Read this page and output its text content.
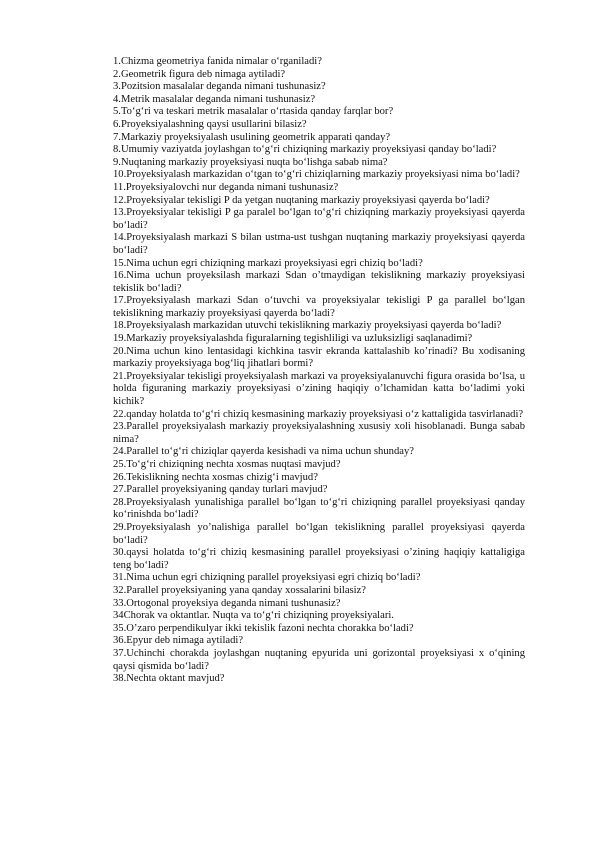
1.Chizma geometriya fanida nimalar o‘rganiladi?

2.Geometrik figura deb nimaga aytiladi?

3.Pozitsion masalalar deganda nimani tushunasiz?

4.Metrik masalalar deganda nimani tushunasiz?

5.To‘g‘ri va teskari metrik masalalar o‘rtasida qanday farqlar bor?

6.Proyeksiyalashning qaysi usullarini bilasiz?

7.Markaziy proyeksiyalash usulining geometrik apparati qanday?

8.Umumiy vaziyatda joylashgan to‘g‘ri chiziqning markaziy proyeksiyasi qanday bo‘ladi?

9.Nuqtaning markaziy proyeksiyasi nuqta bo‘lishga sabab nima?

10.Proyeksiyalash markazidan o‘tgan to‘g‘ri chiziqlarning markaziy proyeksiyasi nima bo‘ladi?

11.Proyeksiyalovchi nur deganda nimani tushunasiz?

12.Proyeksiyalar tekisligi P da yetgan nuqtaning markaziy proyeksiyasi qayerda bo‘ladi?

13.Proyeksiyalar tekisligi P ga paralel bo‘lgan to‘g‘ri chiziqning markaziy proyeksiyasi qayerda bo‘ladi?

14.Proyeksiyalash markazi S bilan ustma-ust tushgan nuqtaning markaziy proyeksiyasi qayerda bo‘ladi?

15.Nima uchun egri chiziqning markazi proyeksiyasi egri chiziq bo‘ladi?

16.Nima uchun proyeksilash markazi Sdan o’tmaydigan tekislikning markaziy proyeksiyasi tekislik bo‘ladi?

17.Proyeksiyalash markazi Sdan o‘tuvchi va proyeksiyalar tekisligi P ga parallel bo‘lgan tekislikning markaziy proyeksiyasi qayerda bo‘ladi?

18.Proyeksiyalash markazidan utuvchi tekislikning markaziy proyeksiyasi qayerda bo‘ladi?

19.Markaziy proyeksiyalashda figuralarning tegishliligi va uzluksizligi saqlanadimi?

20.Nima uchun kino lentasidagi kichkina tasvir ekranda kattalashib ko’rinadi? Bu xodisaning markaziy proyeksiyaga bog‘liq jihatlari bormi?

21.Proyeksiyalar tekisligi proyeksiyalash markazi va proyeksiyalanuvchi figura orasida bo‘lsa, u holda figuraning markaziy proyeksiyasi o’zining haqiqiy o’lchamidan katta bo‘ladimi yoki kichik?

22.qanday holatda to‘g‘ri chiziq kesmasining markaziy proyeksiyasi o‘z kattaligida tasvirlanadi?

23.Parallel proyeksiyalash markaziy proyeksiyalashning xususiy xoli hisoblanadi. Bunga sabab nima?

24.Parallel to‘g‘ri chiziqlar qayerda kesishadi va nima uchun shunday?

25.To‘g‘ri chiziqning nechta xosmas nuqtasi mavjud?

26.Tekislikning nechta xosmas chizig‘i mavjud?

27.Parallel proyeksiyaning qanday turlari mavjud?

28.Proyeksiyalash yunalishiga parallel bo‘lgan to‘g‘ri chiziqning parallel proyeksiyasi qanday ko‘rinishda bo‘ladi?

29.Proyeksiyalash yo’nalishiga parallel bo‘lgan tekislikning parallel proyeksiyasi qayerda bo‘ladi?

30.qaysi holatda to‘g‘ri chiziq kesmasining parallel proyeksiyasi o’zining haqiqiy kattaligiga teng bo‘ladi?

31.Nima uchun egri chiziqning parallel proyeksiyasi egri chiziq bo‘ladi?

32.Parallel proyeksiyaning yana qanday xossalarini bilasiz?

33.Ortogonal proyeksiya deganda nimani tushunasiz?

34Chorak va oktantlar. Nuqta va to‘g‘ri chiziqning proyeksiyalari.

35.O’zaro perpendikulyar ikki tekislik fazoni nechta chorakka bo‘ladi?

36.Epyur deb nimaga aytiladi?

37.Uchinchi chorakda joylashgan nuqtaning epyurida uni gorizontal proyeksiyasi x o‘qining qaysi qismida bo‘ladi?

38.Nechta oktant mavjud?
